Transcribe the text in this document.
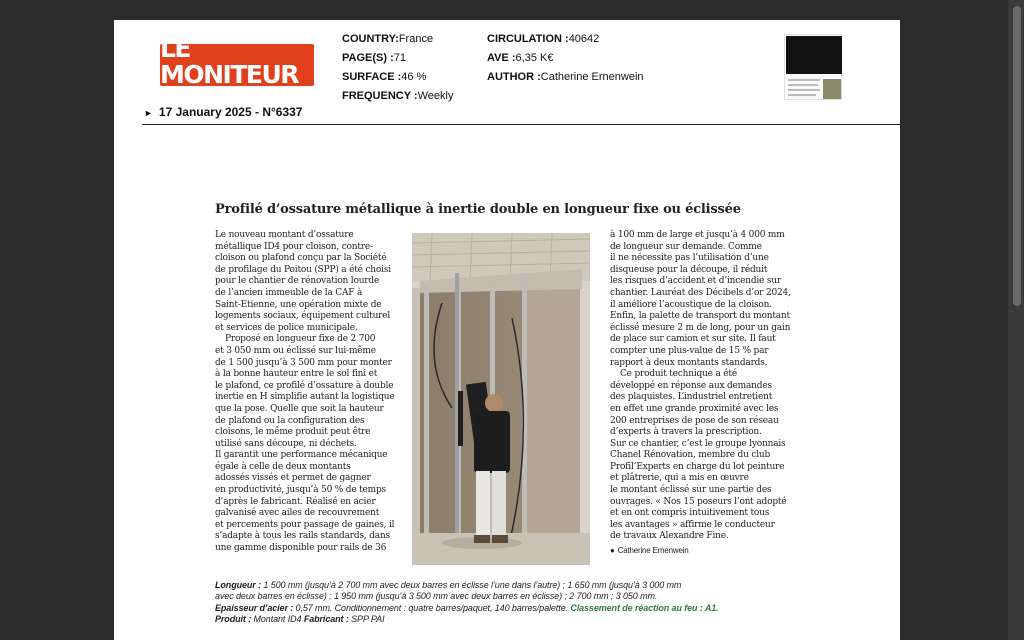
LE MONITEUR
DES TRAVAUX PUBLICS ET DU BATIMENT
► 17 January 2025 - N°6337
COUNTRY:France
PAGE(S) :71
SURFACE :46 %
FREQUENCY :Weekly
CIRCULATION :40642
AVE :6,35 K€
AUTHOR :Catherine Ernenwein
Profilé d’ossature métallique à inertie double en longueur fixe ou éclissée

Le nouveau montant d’ossature

métallique ID4 pour cloison, contre-

cloison ou plafond conçu par la Société

de profilage du Poitou (SPP) a été choisi

pour le chantier de rénovation lourde

de l’ancien immeuble de la CAF à

Saint-Etienne, une opération mixte de

logements sociaux, équipement culturel

et services de police municipale.

Proposé en longueur fixe de 2 700

et 3 050 mm ou éclissé sur lui-même

de 1 500 jusqu’à 3 500 mm pour monter

à la bonne hauteur entre le sol fini et

le plafond, ce profilé d’ossature à double

inertie en H simplifie autant la logistique

que la pose. Quelle que soit la hauteur

de plafond ou la configuration des

cloisons, le même produit peut être

utilisé sans découpe, ni déchets.

Il garantit une performance mécanique

égale à celle de deux montants

adossés vissés et permet de gagner

en productivité, jusqu’à 50 % de temps

d’après le fabricant. Réalisé en acier

galvanisé avec ailes de recouvrement

et percements pour passage de gaines, il

s’adapte à tous les rails standards, dans

une gamme disponible pour rails de 36

à 100 mm de large et jusqu’à 4 000 mm

de longueur sur demande. Comme

il ne nécessite pas l’utilisation d’une

disqueuse pour la découpe, il réduit

les risques d’accident et d’incendie sur

chantier. Lauréat des Décibels d’or 2024,

il améliore l’acoustique de la cloison.

Enfin, la palette de transport du montant

éclissé mesure 2 m de long, pour un gain

de place sur camion et sur site. Il faut

compter une plus-value de 15 % par

rapport à deux montants standards.

Ce produit technique a été

développé en réponse aux demandes

des plaquistes. L’industriel entretient

en effet une grande proximité avec les

200 entreprises de pose de son réseau

d’experts à travers la prescription.

Sur ce chantier, c’est le groupe lyonnais

Chanel Rénovation, membre du club

Profil’Experts en charge du lot peinture

et plâtrerie, qui a mis en œuvre

le montant éclissé sur une partie des

ouvrages. « Nos 15 poseurs l’ont adopté

et en ont compris intuitivement tous

les avantages » affirme le conducteur

de travaux Alexandre Fine.

● Catherine Ernenwein

Longueur : 1 500 mm (jusqu’à 2 700 mm avec deux barres en éclisse l’une dans l’autre) ; 1 650 mm (jusqu’à 3 000 mm
avec deux barres en éclisse) ; 1 950 mm (jusqu’à 3 500 mm avec deux barres en éclisse) ; 2 700 mm ; 3 050 mm.
Epaisseur d’acier : 0,57 mm. Conditionnement : quatre barres/paquet, 140 barres/palette. Classement de réaction au feu : A1.
Produit : Montant ID4 Fabricant : SPP PAI
